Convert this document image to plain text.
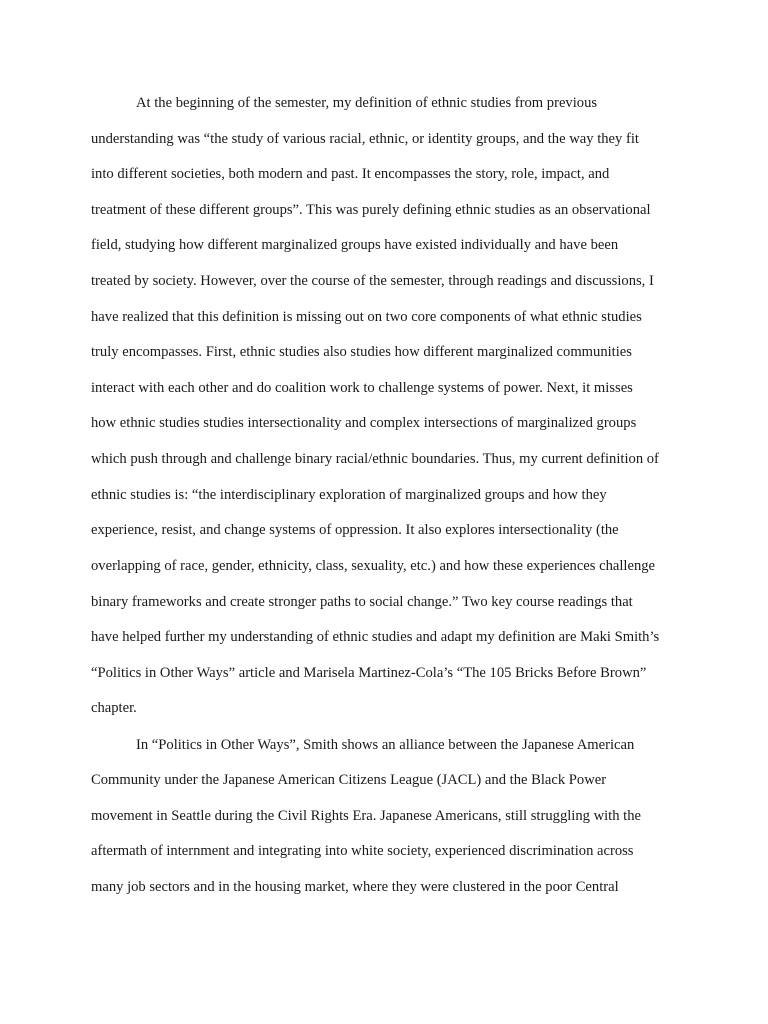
At the beginning of the semester, my definition of ethnic studies from previous
understanding was “the study of various racial, ethnic, or identity groups, and the way they fit
into different societies, both modern and past. It encompasses the story, role, impact, and
treatment of these different groups”. This was purely defining ethnic studies as an observational
field, studying how different marginalized groups have existed individually and have been
treated by society. However, over the course of the semester, through readings and discussions, I
have realized that this definition is missing out on two core components of what ethnic studies
truly encompasses. First, ethnic studies also studies how different marginalized communities
interact with each other and do coalition work to challenge systems of power. Next, it misses
how ethnic studies studies intersectionality and complex intersections of marginalized groups
which push through and challenge binary racial/ethnic boundaries. Thus, my current definition of
ethnic studies is: “the interdisciplinary exploration of marginalized groups and how they
experience, resist, and change systems of oppression. It also explores intersectionality (the
overlapping of race, gender, ethnicity, class, sexuality, etc.) and how these experiences challenge
binary frameworks and create stronger paths to social change.” Two key course readings that
have helped further my understanding of ethnic studies and adapt my definition are Maki Smith’s
“Politics in Other Ways” article and Marisela Martinez-Cola’s “The 105 Bricks Before Brown”
chapter.
In “Politics in Other Ways”, Smith shows an alliance between the Japanese American
Community under the Japanese American Citizens League (JACL) and the Black Power
movement in Seattle during the Civil Rights Era. Japanese Americans, still struggling with the
aftermath of internment and integrating into white society, experienced discrimination across
many job sectors and in the housing market, where they were clustered in the poor Central
